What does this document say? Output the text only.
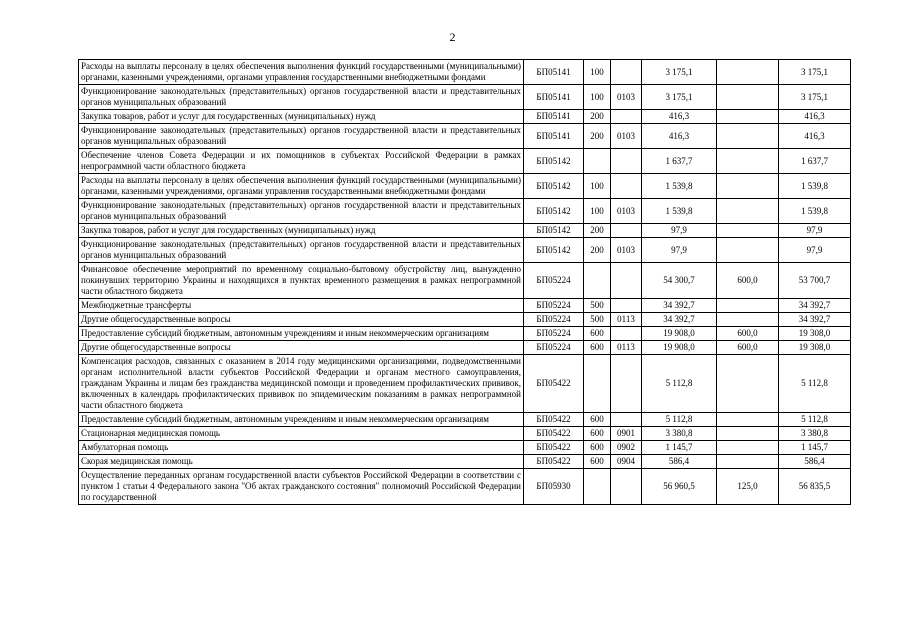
2
Расходы на выплаты персоналу в целях обеспечения выполнения функций государственными (муниципальными) органами, казенными учреждениями, органами управления государственными внебюджетными фондами	БП05141	100		3 175,1		3 175,1
Функционирование законодательных (представительных) органов государственной власти и представительных органов муниципальных образований	БП05141	100	0103	3 175,1		3 175,1
Закупка товаров, работ и услуг для государственных (муниципальных) нужд	БП05141	200		416,3		416,3
Функционирование законодательных (представительных) органов государственной власти и представительных органов муниципальных образований	БП05141	200	0103	416,3		416,3
Обеспечение членов Совета Федерации и их помощников в субъектах Российской Федерации в рамках непрограммной части областного бюджета	БП05142			1 637,7		1 637,7
Расходы на выплаты персоналу в целях обеспечения выполнения функций государственными (муниципальными) органами, казенными учреждениями, органами управления государственными внебюджетными фондами	БП05142	100		1 539,8		1 539,8
Функционирование законодательных (представительных) органов государственной власти и представительных органов муниципальных образований	БП05142	100	0103	1 539,8		1 539,8
Закупка товаров, работ и услуг для государственных (муниципальных) нужд	БП05142	200		97,9		97,9
Функционирование законодательных (представительных) органов государственной власти и представительных органов муниципальных образований	БП05142	200	0103	97,9		97,9
Финансовое обеспечение мероприятий по временному социально-бытовому обустройству лиц, вынужденно покинувших территорию Украины и находящихся в пунктах временного размещения в рамках непрограммной части областного бюджета	БП05224			54 300,7	600,0	53 700,7
Межбюджетные трансферты	БП05224	500		34 392,7		34 392,7
Другие общегосударственные вопросы	БП05224	500	0113	34 392,7		34 392,7
Предоставление субсидий бюджетным, автономным учреждениям и иным некоммерческим организациям	БП05224	600		19 908,0	600,0	19 308,0
Другие общегосударственные вопросы	БП05224	600	0113	19 908,0	600,0	19 308,0
Компенсация расходов, связанных с оказанием в 2014 году медицинскими организациями, подведомственными органам исполнительной власти субъектов Российской Федерации и органам местного самоуправления, гражданам Украины и лицам без гражданства медицинской помощи и проведением профилактических прививок, включенных в календарь профилактических прививок по эпидемическим показаниям в рамках непрограммной части областного бюджета	БП05422			5 112,8		5 112,8
Предоставление субсидий бюджетным, автономным учреждениям и иным некоммерческим организациям	БП05422	600		5 112,8		5 112,8
Стационарная медицинская помощь	БП05422	600	0901	3 380,8		3 380,8
Амбулаторная помощь	БП05422	600	0902	1 145,7		1 145,7
Скорая медицинская помощь	БП05422	600	0904	586,4		586,4
Осуществление переданных органам государственной власти субъектов Российской Федерации в соответствии с пунктом 1 статьи 4 Федерального закона "Об актах гражданского состояния" полномочий Российской Федерации по государственной	БП05930			56 960,5	125,0	56 835,5
